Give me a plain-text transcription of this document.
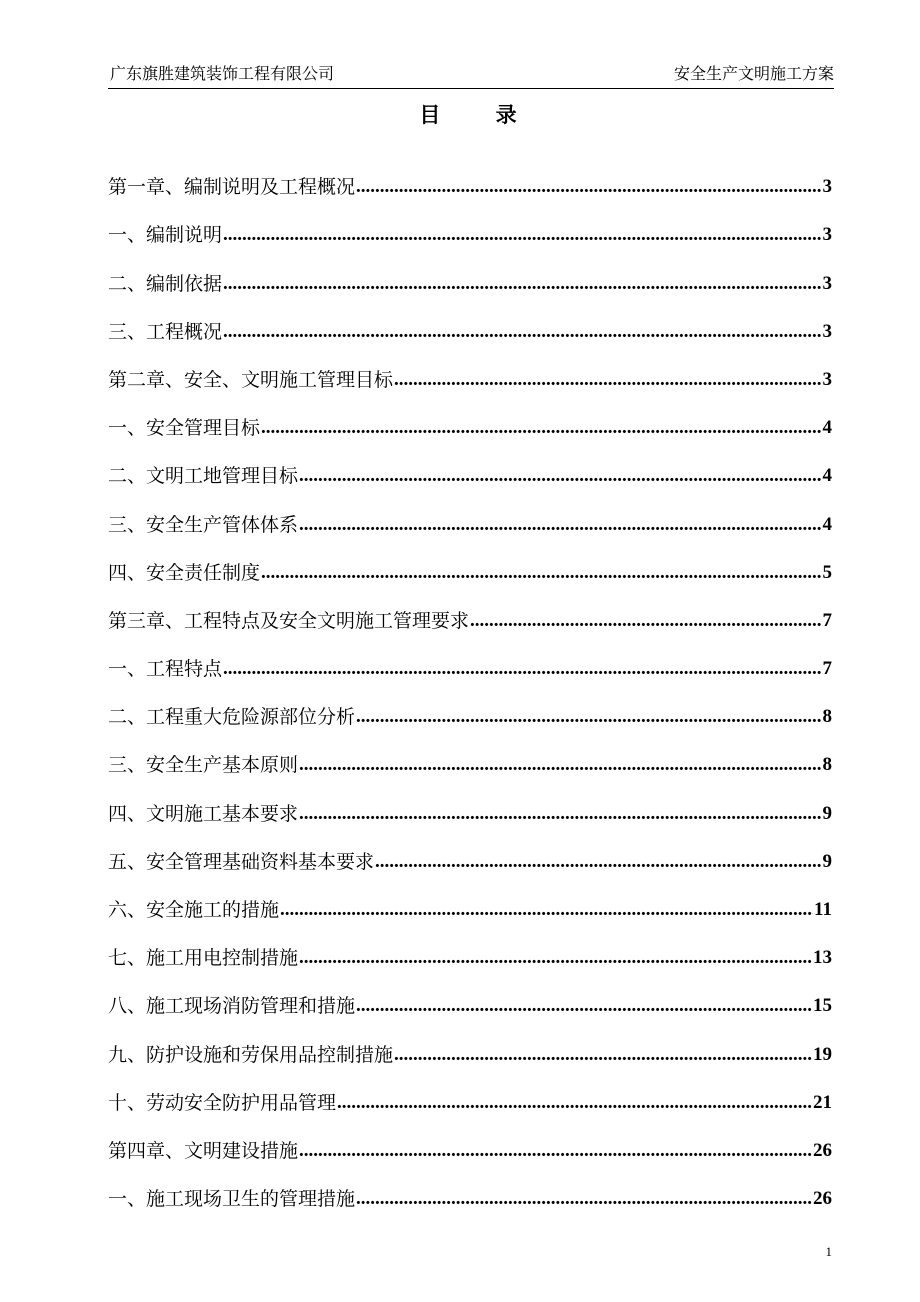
广东旗胜建筑装饰工程有限公司	安全生产文明施工方案
目 录
第一章、编制说明及工程概况 .....	3
一、编制说明 .....	3
二、编制依据 .....	3
三、工程概况 .....	3
第二章、安全、文明施工管理目标 .....	3
一、安全管理目标 .....	4
二、文明工地管理目标 .....	4
三、安全生产管体体系 .....	4
四、安全责任制度 .....	5
第三章、工程特点及安全文明施工管理要求 .....	7
一、工程特点 .....	7
二、工程重大危险源部位分析 .....	8
三、安全生产基本原则 .....	8
四、文明施工基本要求 .....	9
五、安全管理基础资料基本要求 .....	9
六、安全施工的措施 .....	11
七、施工用电控制措施 .....	13
八、施工现场消防管理和措施 .....	15
九、防护设施和劳保用品控制措施 .....	19
十、劳动安全防护用品管理 .....	21
第四章、文明建设措施 .....	26
一、施工现场卫生的管理措施 .....	26
1
